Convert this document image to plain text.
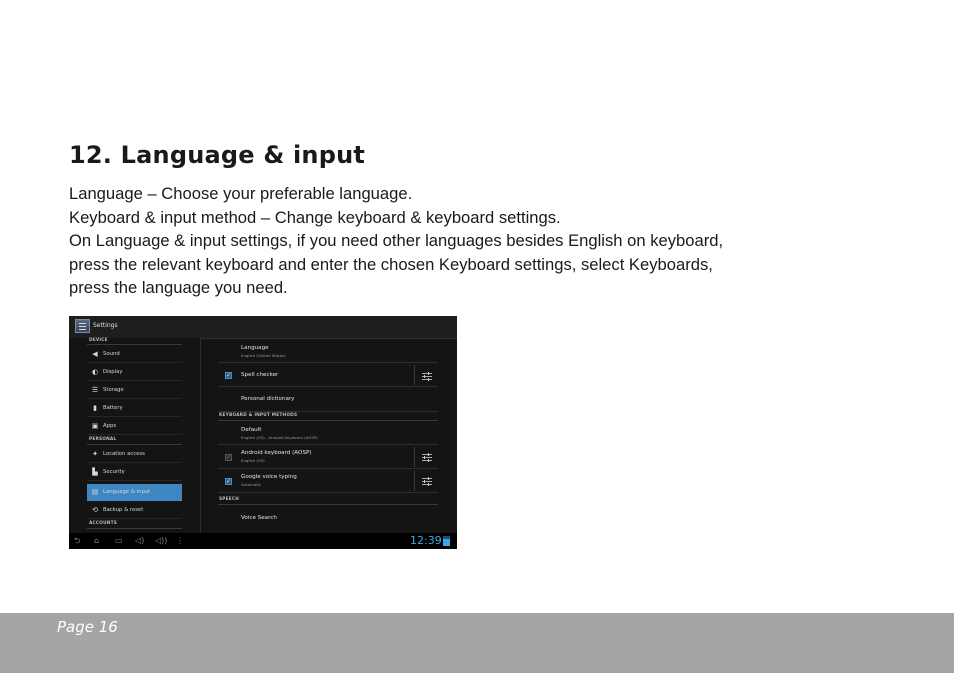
12. Language & input

Language – Choose your preferable language.

Keyboard & input method – Change keyboard & keyboard settings.

On Language & input settings, if you need other languages besides English on keyboard,

press the relevant keyboard and enter the chosen Keyboard settings, select Keyboards,

press the language you need.

Settings
DEVICE
◀ Sound
◐ Display
☰ Storage
▮	Battery
▣ Apps
PERSONAL
✦ Location access
▙ Security
▤ Language & input
⟲ Backup & reset
ACCOUNTS
Language
English (United States)
✓ Spell checker
Personal dictionary
KEYBOARD & INPUT METHODS
Default
English (US) - Android keyboard (AOSP)
✓
Android keyboard (AOSP)
English (US)
✓
Google voice typing
Automatic
SPEECH
Voice Search
⮌ ⌂ ▭ ◁) ◁)) ⋮	12:39
Page 16
